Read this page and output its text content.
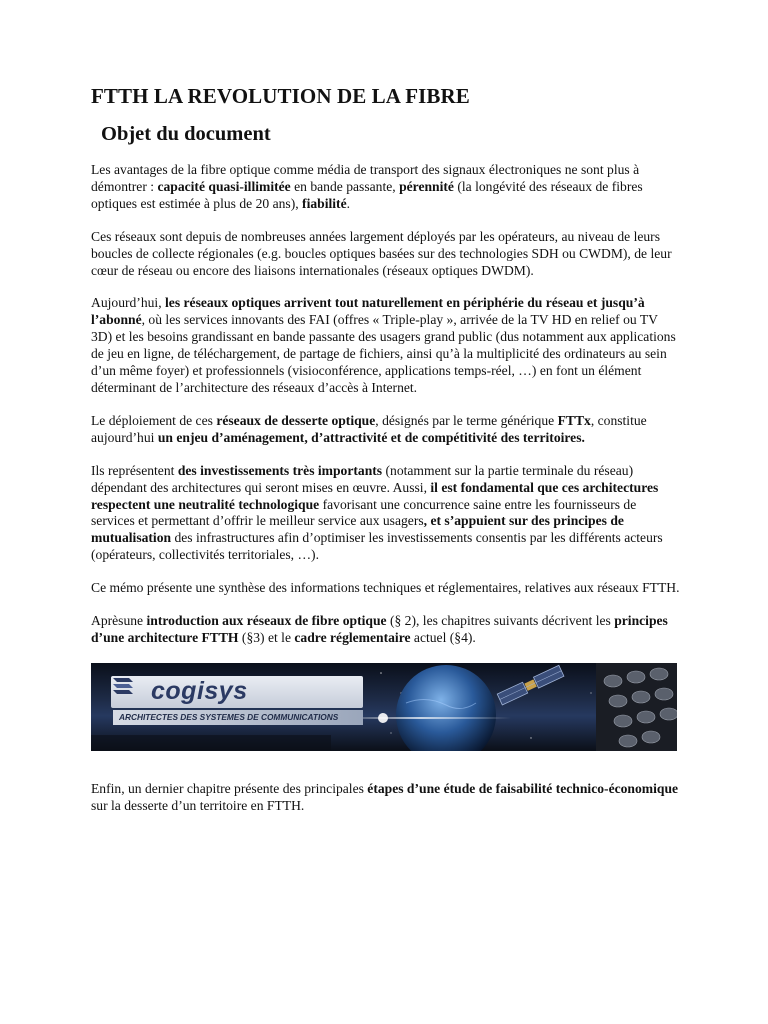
FTTH LA REVOLUTION DE LA FIBRE
Objet du document

Les avantages de la fibre optique comme média de transport des signaux électroniques ne sont plus à démontrer : capacité quasi-illimitée en bande passante, pérennité (la longévité des réseaux de fibres optiques est estimée à plus de 20 ans), fiabilité.

Ces réseaux sont depuis de nombreuses années largement déployés par les opérateurs, au niveau de leurs boucles de collecte régionales (e.g. boucles optiques basées sur des technologies SDH ou CWDM), de leur cœur de réseau ou encore des liaisons internationales (réseaux optiques DWDM).

Aujourd’hui, les réseaux optiques arrivent tout naturellement en périphérie du réseau et jusqu’à l’abonné, où les services innovants des FAI (offres « Triple-play », arrivée de la TV HD en relief ou TV 3D) et les besoins grandissant en bande passante des usagers grand public (dus notamment aux applications de jeu en ligne, de téléchargement, de partage de fichiers, ainsi qu’à la multiplicité des ordinateurs au sein d’un même foyer) et professionnels (visioconférence, applications temps-réel, …) en font un élément déterminant de l’architecture des réseaux d’accès à Internet.

Le déploiement de ces réseaux de desserte optique, désignés par le terme générique FTTx, constitue aujourd’hui un enjeu d’aménagement, d’attractivité et de compétitivité des territoires.

Ils représentent des investissements très importants (notamment sur la partie terminale du réseau) dépendant des architectures qui seront mises en œuvre. Aussi, il est fondamental que ces architectures respectent une neutralité technologique favorisant une concurrence saine entre les fournisseurs de services et permettant d’offrir le meilleur service aux usagers, et s’appuient sur des principes de mutualisation des infrastructures afin d’optimiser les investissements consentis par les différents acteurs (opérateurs, collectivités territoriales, …).

Ce mémo présente une synthèse des informations techniques et réglementaires, relatives aux réseaux FTTH.

Aprèsune introduction aux réseaux de fibre optique (§ 2), les chapitres suivants décrivent les principes d’une architecture FTTH (§3) et le cadre réglementaire actuel (§4).

cogisys
ARCHITECTES DES SYSTEMES DE COMMUNICATIONS

Enfin, un dernier chapitre présente des principales étapes d’une étude de faisabilité technico-économique sur la desserte d’un territoire en FTTH.
